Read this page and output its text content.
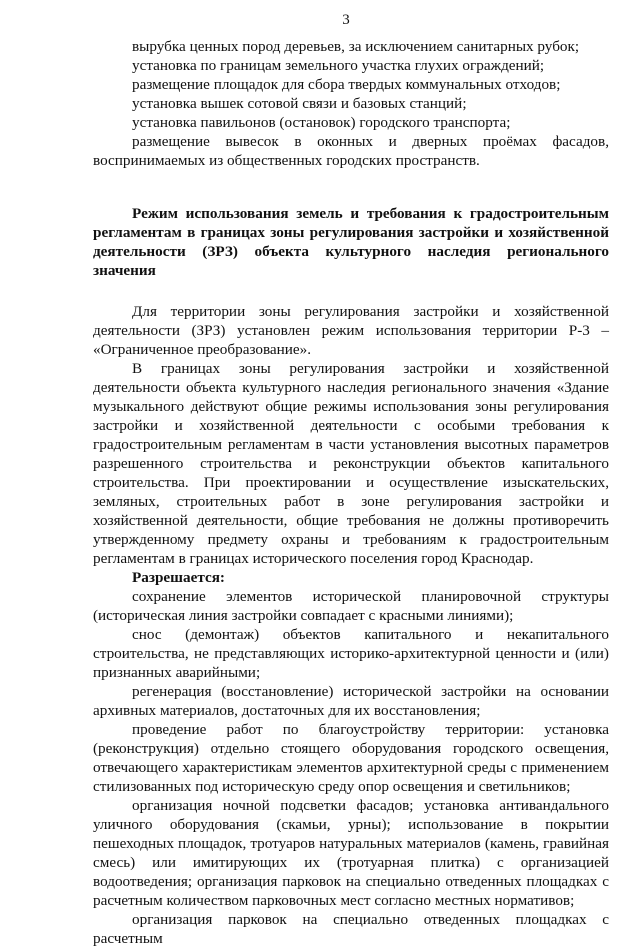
3

вырубка ценных пород деревьев, за исключением санитарных рубок;

установка по границам земельного участка глухих ограждений;

размещение площадок для сбора твердых коммунальных отходов;

установка вышек сотовой связи и базовых станций;

установка павильонов (остановок) городского транспорта;

размещение вывесок в оконных и дверных проёмах фасадов, воспринимаемых из общественных городских пространств.

Режим использования земель и требования к градостроительным регламентам в границах зоны регулирования застройки и хозяйственной деятельности (ЗРЗ) объекта культурного наследия регионального значения

Для территории зоны регулирования застройки и хозяйственной деятельности (ЗРЗ) установлен режим использования территории Р-3 – «Ограниченное преобразование».

В границах зоны регулирования застройки и хозяйственной деятельности объекта культурного наследия регионального значения «Здание музыкального действуют общие режимы использования зоны регулирования застройки и хозяйственной деятельности с особыми требования к градостроительным регламентам в части установления высотных параметров разрешенного строительства и реконструкции объектов капитального строительства. При проектировании и осуществление изыскательских, земляных, строительных работ в зоне регулирования застройки и хозяйственной деятельности, общие требования не должны противоречить утвержденному предмету охраны и требованиям к градостроительным регламентам в границах исторического поселения город Краснодар.

Разрешается:

сохранение элементов исторической планировочной структуры (историческая линия застройки совпадает с красными линиями);

снос (демонтаж) объектов капитального и некапитального строительства, не представляющих историко-архитектурной ценности и (или) признанных аварийными;

регенерация (восстановление) исторической застройки на основании архивных материалов, достаточных для их восстановления;

проведение работ по благоустройству территории: установка (реконструкция) отдельно стоящего оборудования городского освещения, отвечающего характеристикам элементов архитектурной среды с применением стилизованных под историческую среду опор освещения и светильников;

организация ночной подсветки фасадов; установка антивандального уличного оборудования (скамьи, урны); использование в покрытии пешеходных площадок, тротуаров натуральных материалов (камень, гравийная смесь) или имитирующих их (тротуарная плитка) с организацией водоотведения; организация парковок на специально отведенных площадках с расчетным количеством парковочных мест согласно местных нормативов;

организация парковок на специально отведенных площадках с расчетным
